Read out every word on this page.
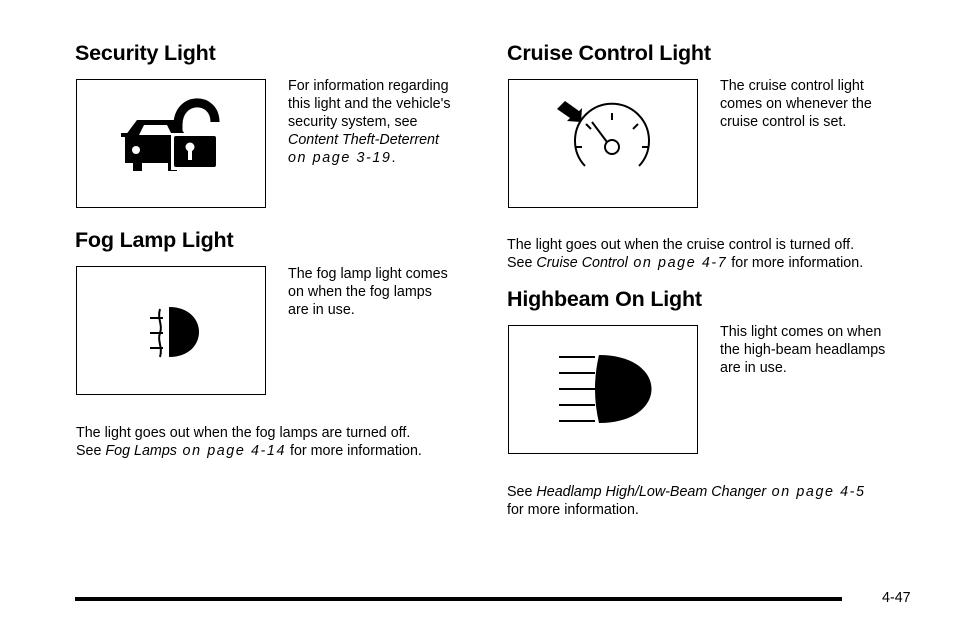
Security Light
For information regarding
this light and the vehicle's
security system, see
Content Theft-Deterrent
on page 3-19.
Fog Lamp Light
The fog lamp light comes
on when the fog lamps
are in use.
The light goes out when the fog lamps are turned off.
See Fog Lamps on page 4-14 for more information.
Cruise Control Light
The cruise control light
comes on whenever the
cruise control is set.
The light goes out when the cruise control is turned off.
See Cruise Control on page 4-7 for more information.
Highbeam On Light
This light comes on when
the high-beam headlamps
are in use.
See Headlamp High/Low-Beam Changer on page 4-5
for more information.
4-47
